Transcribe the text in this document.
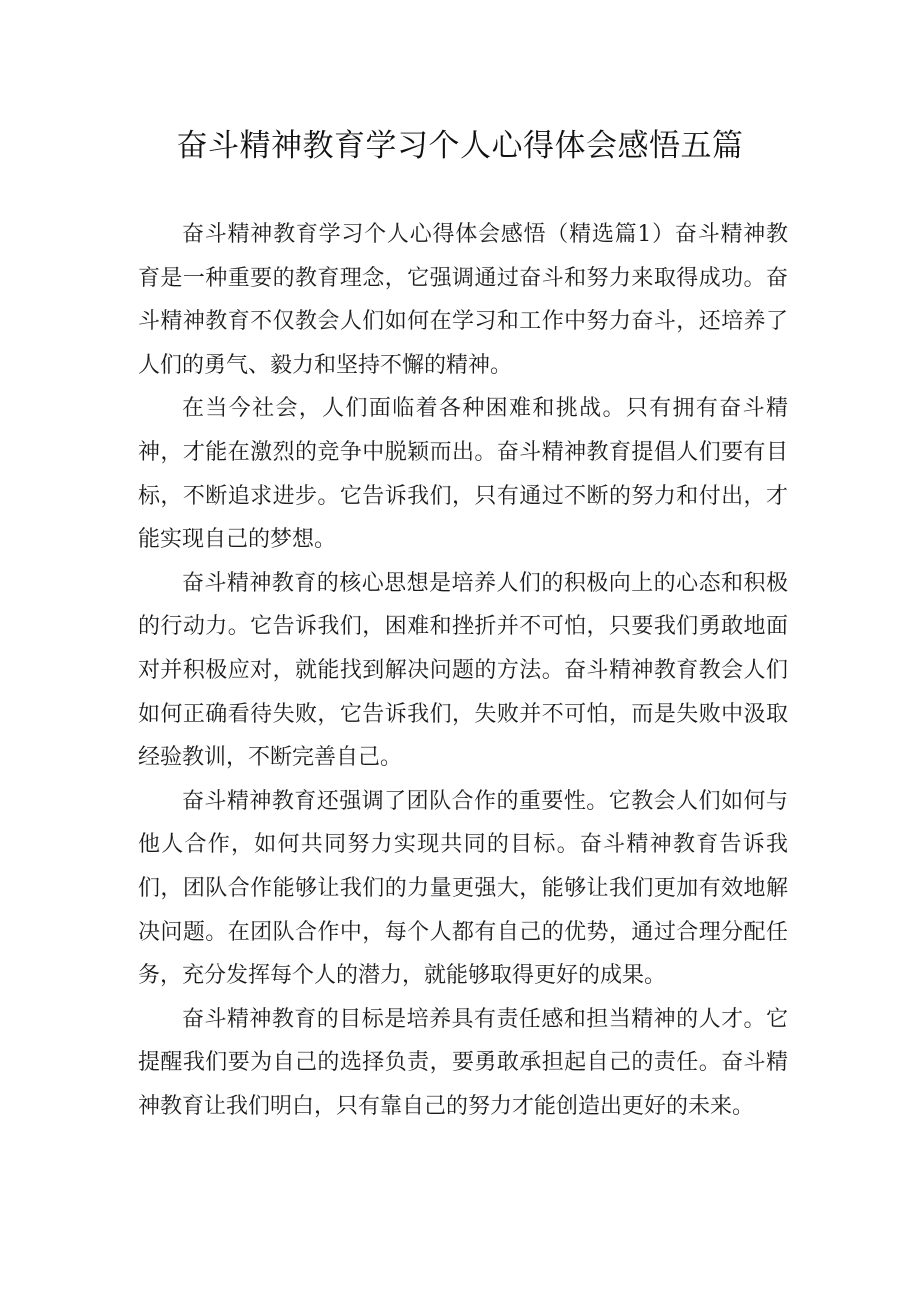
奋斗精神教育学习个人心得体会感悟五篇

奋斗精神教育学习个人心得体会感悟（精选篇1）奋斗精神教育是一种重要的教育理念，它强调通过奋斗和努力来取得成功。奋斗精神教育不仅教会人们如何在学习和工作中努力奋斗，还培养了人们的勇气、毅力和坚持不懈的精神。

在当今社会，人们面临着各种困难和挑战。只有拥有奋斗精神，才能在激烈的竞争中脱颖而出。奋斗精神教育提倡人们要有目标，不断追求进步。它告诉我们，只有通过不断的努力和付出，才能实现自己的梦想。

奋斗精神教育的核心思想是培养人们的积极向上的心态和积极的行动力。它告诉我们，困难和挫折并不可怕，只要我们勇敢地面对并积极应对，就能找到解决问题的方法。奋斗精神教育教会人们如何正确看待失败，它告诉我们，失败并不可怕，而是失败中汲取经验教训，不断完善自己。

奋斗精神教育还强调了团队合作的重要性。它教会人们如何与他人合作，如何共同努力实现共同的目标。奋斗精神教育告诉我们，团队合作能够让我们的力量更强大，能够让我们更加有效地解决问题。在团队合作中，每个人都有自己的优势，通过合理分配任务，充分发挥每个人的潜力，就能够取得更好的成果。

奋斗精神教育的目标是培养具有责任感和担当精神的人才。它提醒我们要为自己的选择负责，要勇敢承担起自己的责任。奋斗精神教育让我们明白，只有靠自己的努力才能创造出更好的未来。
